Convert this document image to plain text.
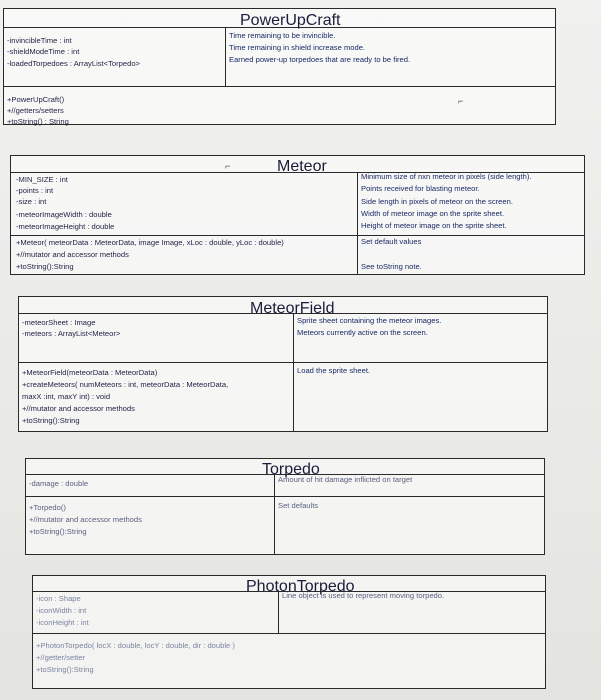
PowerUpCraft
-invincibleTime : int
-shieldModeTime : int
-loadedTorpedoes : ArrayList<Torpedo>
Time remaining to be invincible.
Time remaining in shield increase mode.
Earned power-up torpedoes that are ready to be fired.
+PowerUpCraft()
+//getters/setters
+toString() : String
⌐
Meteor
⌐
-MIN_SIZE : int
-points : int
-size : int
-meteorImageWidth : double
-meteorImageHeight : double
Minimum size of nxn meteor in pixels (side length).
Points received for blasting meteor.
Side length in pixels of meteor on the screen.
Width of meteor image on the sprite sheet.
Height of meteor image on the sprite sheet.
+Meteor( meteorData : MeteorData, image Image, xLoc : double, yLoc : double)
+//mutator and accessor methods
+toString():String
Set default values
See toString note.
MeteorField
-meteorSheet : Image
-meteors : ArrayList<Meteor>
Sprite sheet containing the meteor images.
Meteors currently active on the screen.
+MeteorField(meteorData : MeteorData)
+createMeteors( numMeteors : int, meteorData : MeteorData,
maxX :int, maxY int) : void
+//mutator and accessor methods
+toString():String
Load the sprite sheet.
Torpedo
-damage : double	Amount of hit damage inflicted on target
+Torpedo()
+//mutator and accessor methods
+toString():String
Set defaults
PhotonTorpedo
-icon : Shape
-iconWidth : int
-iconHeight : int
Line object is used to represent moving torpedo.
+PhotonTorpedo( locX : double, locY : double, dir : double )
+//getter/setter
+toString():String
